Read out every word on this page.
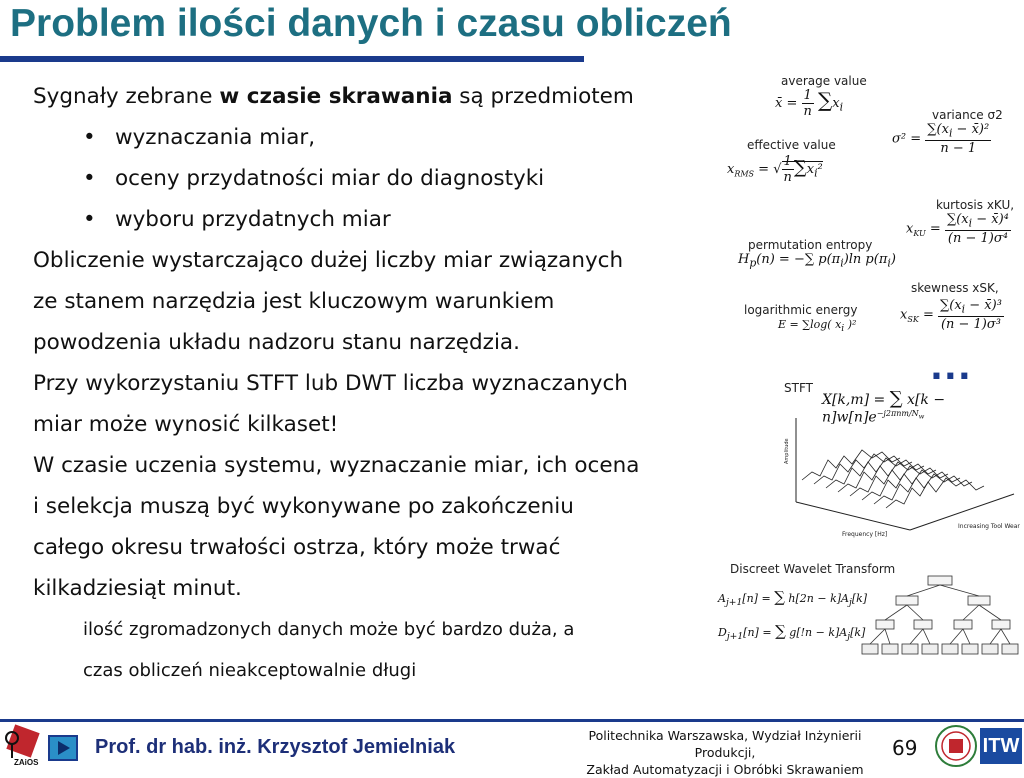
Problem ilości danych i czasu obliczeń
Sygnały zebrane w czasie skrawania są przedmiotem
• wyznaczania miar,
• oceny przydatności miar do diagnostyki
• wyboru przydatnych miar
Obliczenie wystarczająco dużej liczby miar związanych
ze stanem narzędzia jest kluczowym warunkiem
powodzenia układu nadzoru stanu narzędzia.
Przy wykorzystaniu STFT lub DWT liczba wyznaczanych
miar może wynosić kilkaset!
W czasie uczenia systemu, wyznaczanie miar, ich ocena
i selekcja muszą być wykonywane po zakończeniu
całego okresu trwałości ostrza, który może trwać
kilkadziesiąt minut.
ilość zgromadzonych danych może być bardzo duża, a
czas obliczeń nieakceptowalnie długi
average value
x̄ = $\frac{1}{n} \sum x_i$
variance σ2
$\sigma^2 = \frac{\sum(x_i - x̄)^2}{n - 1}$
effective value
$x_{RMS}$ = √ $\frac{1}{n} \sum x_i^2$
kurtosis xKU,
$x_{KU} = \frac{\sum(x_i - x̄)^4}{\text{(n − 1)σ⁴}}$
permutation entropy
$H_p(n)$ = −∑ $p(\pi_i)\ln$ $p(\pi_i)$
skewness xSK,
$x_{SK} = \frac{\sum(x_i - x̄)^3}{\text{(n − 1)σ³}}$
logarithmic energy
E = ∑log( $x_i$ )²
...
STFT
X[k,m] = ∑ $x[k - n]w[n]e^{-j2\pi nm/N_w}$
Amplitude
Frequency [Hz]
Increasing Tool Wear
Discreet Wavelet Transform
$A_{j+1}[n]$ = ∑ $h[2n - k]A_j[k]$
$D_{j+1}[n]$ = ∑ $g[!n - k]A_j[k]$
ZAiOS
Prof. dr hab. inż. Krzysztof Jemielniak
Politechnika Warszawska, Wydział Inżynierii Produkcji,
Zakład Automatyzacji i Obróbki Skrawaniem
69	ITW
